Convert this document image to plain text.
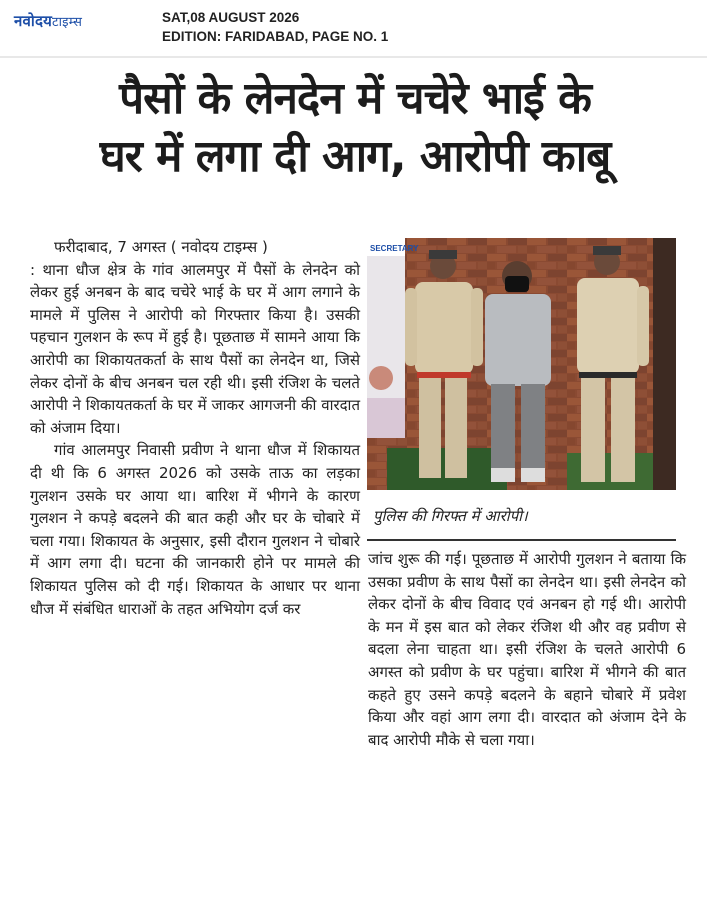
नवोदयटाइम्स	SAT,08 AUGUST 2026
EDITION: FARIDABAD, PAGE NO. 1
पैसों के लेनदेन में चचेरे भाई के
घर में लगा दी आग, आरोपी काबू

फरीदाबाद, 7 अगस्त ( नवोदय टाइम्स )

: थाना धौज क्षेत्र के गांव आलमपुर में पैसों के लेनदेन को लेकर हुई अनबन के बाद चचेरे भाई के घर में आग लगाने के मामले में पुलिस ने आरोपी को गिरफ्तार किया है। उसकी पहचान गुलशन के रूप में हुई है। पूछताछ में सामने आया कि आरोपी का शिकायतकर्ता के साथ पैसों का लेनदेन था, जिसे लेकर दोनों के बीच अनबन चल रही थी। इसी रंजिश के चलते आरोपी ने शिकायतकर्ता के घर में जाकर आगजनी की वारदात को अंजाम दिया।

गांव आलमपुर निवासी प्रवीण ने थाना धौज में शिकायत दी थी कि 6 अगस्त 2026 को उसके ताऊ का लड़का गुलशन उसके घर आया था। बारिश में भीगने के कारण गुलशन ने कपड़े बदलने की बात कही और घर के चोबारे में चला गया। शिकायत के अनुसार, इसी दौरान गुलशन ने चोबारे में आग लगा दी। घटना की जानकारी होने पर मामले की शिकायत पुलिस को दी गई। शिकायत के आधार पर थाना धौज में संबंधित धाराओं के तहत अभियोग दर्ज कर

SECRETARY
पुलिस की गिरफ्त में आरोपी।

जांच शुरू की गई। पूछताछ में आरोपी गुलशन ने बताया कि उसका प्रवीण के साथ पैसों का लेनदेन था। इसी लेनदेन को लेकर दोनों के बीच विवाद एवं अनबन हो गई थी। आरोपी के मन में इस बात को लेकर रंजिश थी और वह प्रवीण से बदला लेना चाहता था। इसी रंजिश के चलते आरोपी 6 अगस्त को प्रवीण के घर पहुंचा। बारिश में भीगने की बात कहते हुए उसने कपड़े बदलने के बहाने चोबारे में प्रवेश किया और वहां आग लगा दी। वारदात को अंजाम देने के बाद आरोपी मौके से चला गया।
